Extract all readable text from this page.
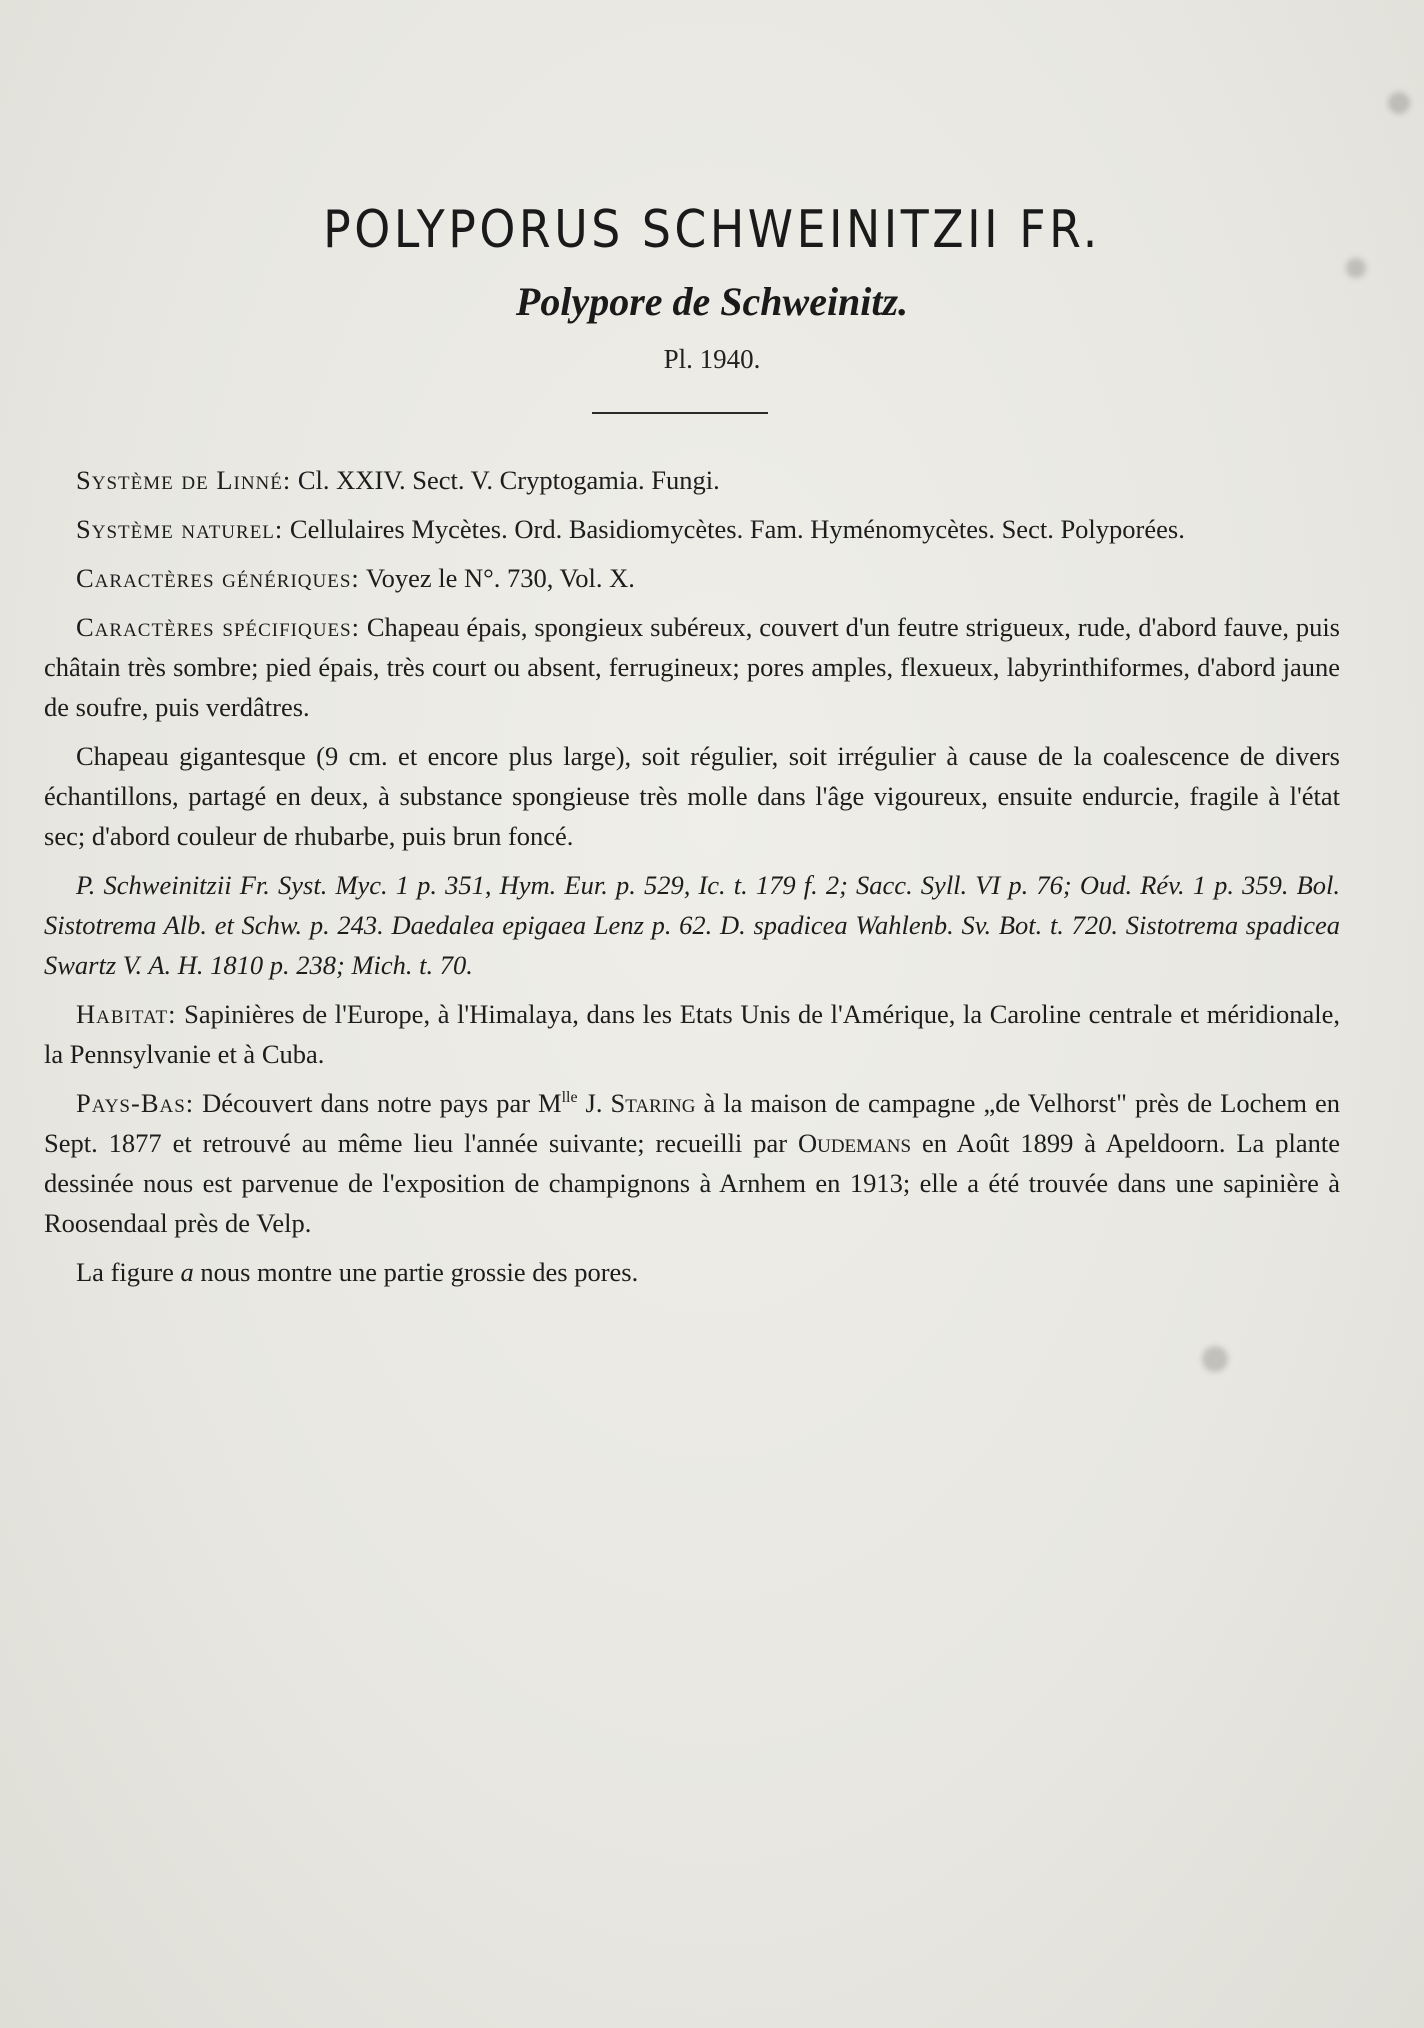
POLYPORUS SCHWEINITZII FR.
Polypore de Schweinitz.
Pl. 1940.

Système de Linné: Cl. XXIV. Sect. V. Cryptogamia. Fungi.

Système naturel: Cellulaires Mycètes. Ord. Basidiomycètes. Fam. Hyménomycètes. Sect. Polyporées.

Caractères génériques: Voyez le N°. 730, Vol. X.

Caractères spécifiques: Chapeau épais, spongieux subéreux, couvert d'un feutre strigueux, rude, d'abord fauve, puis châtain très sombre; pied épais, très court ou absent, ferrugineux; pores amples, flexueux, labyrinthiformes, d'abord jaune de soufre, puis verdâtres.

Chapeau gigantesque (9 cm. et encore plus large), soit régulier, soit irrégulier à cause de la coalescence de divers échantillons, partagé en deux, à substance spongieuse très molle dans l'âge vigoureux, ensuite endurcie, fragile à l'état sec; d'abord couleur de rhubarbe, puis brun foncé.

P. Schweinitzii Fr. Syst. Myc. 1 p. 351, Hym. Eur. p. 529, Ic. t. 179 f. 2; Sacc. Syll. VI p. 76; Oud. Rév. 1 p. 359. Bol. Sistotrema Alb. et Schw. p. 243. Daedalea epigaea Lenz p. 62. D. spadicea Wahlenb. Sv. Bot. t. 720. Sistotrema spadicea Swartz V. A. H. 1810 p. 238; Mich. t. 70.

Habitat: Sapinières de l'Europe, à l'Himalaya, dans les Etats Unis de l'Amérique, la Caroline centrale et méridionale, la Pennsylvanie et à Cuba.

Pays-Bas: Découvert dans notre pays par $M^{lle}$ J. Staring à la maison de campagne „de Velhorst" près de Lochem en Sept. 1877 et retrouvé au même lieu l'année suivante; recueilli par Oudemans en Août 1899 à Apeldoorn. La plante dessinée nous est parvenue de l'exposition de champignons à Arnhem en 1913; elle a été trouvée dans une sapinière à Roosendaal près de Velp.

La figure a nous montre une partie grossie des pores.
